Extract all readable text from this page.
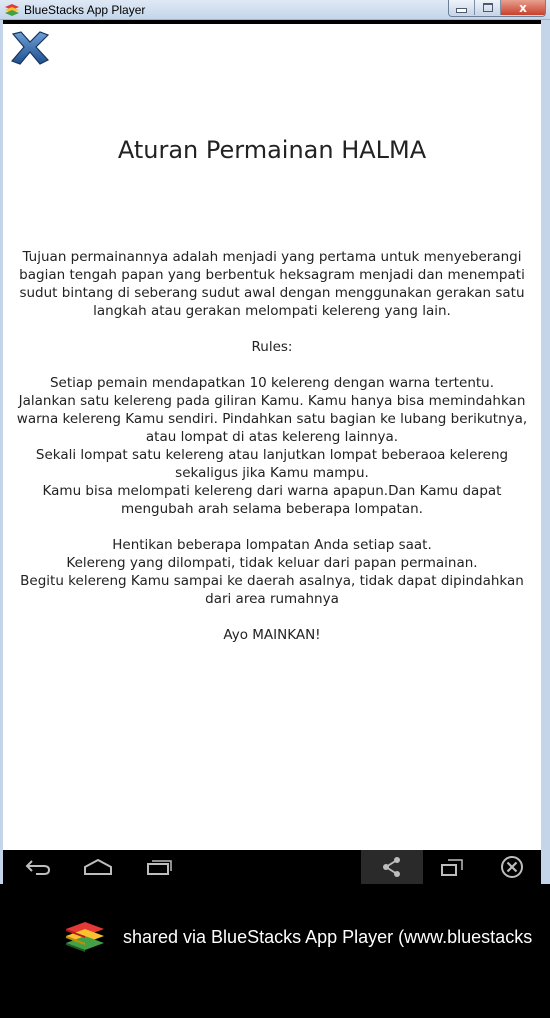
BlueStacks App Player	x
Aturan Permainan HALMA

Tujuan permainannya adalah menjadi yang pertama untuk menyeberangi

bagian tengah papan yang berbentuk heksagram menjadi dan menempati

sudut bintang di seberang sudut awal dengan menggunakan gerakan satu

langkah atau gerakan melompati kelereng yang lain.

Rules:

Setiap pemain mendapatkan 10 kelereng dengan warna tertentu.

Jalankan satu kelereng pada giliran Kamu. Kamu hanya bisa memindahkan

warna kelereng Kamu sendiri. Pindahkan satu bagian ke lubang berikutnya,

atau lompat di atas kelereng lainnya.

Sekali lompat satu kelereng atau lanjutkan lompat beberaoa kelereng

sekaligus jika Kamu mampu.

Kamu bisa melompati kelereng dari warna apapun.Dan Kamu dapat

mengubah arah selama beberapa lompatan.

Hentikan beberapa lompatan Anda setiap saat.

Kelereng yang dilompati, tidak keluar dari papan permainan.

Begitu kelereng Kamu sampai ke daerah asalnya, tidak dapat dipindahkan

dari area rumahnya

Ayo MAINKAN!

shared via BlueStacks App Player (www.bluestacks
